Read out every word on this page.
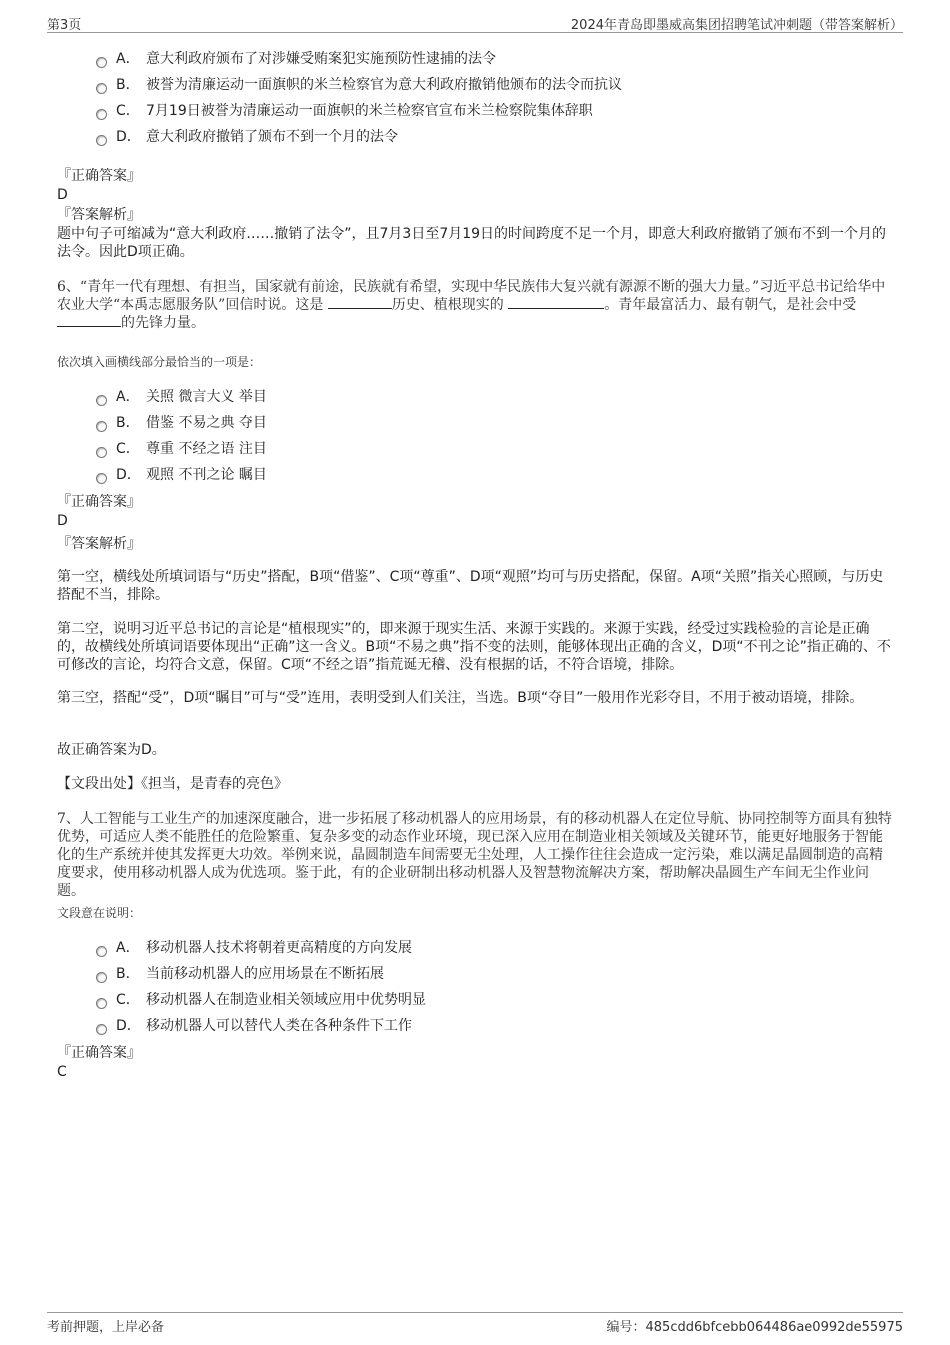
第3页	2024年青岛即墨威高集团招聘笔试冲刺题（带答案解析）
A． 意大利政府颁布了对涉嫌受贿案犯实施预防性逮捕的法令
B． 被誉为清廉运动一面旗帜的米兰检察官为意大利政府撤销他颁布的法令而抗议
C． 7月19日被誉为清廉运动一面旗帜的米兰检察官宣布米兰检察院集体辞职
D． 意大利政府撤销了颁布不到一个月的法令
『正确答案』
D
『答案解析』
题中句子可缩减为“意大利政府……撤销了法令”，且7月3日至7月19日的时间跨度不足一个月，即意大利政府撤销了颁布不到一个月的法令。因此D项正确。
6、“青年一代有理想、有担当，国家就有前途，民族就有希望，实现中华民族伟大复兴就有源源不断的强大力量。”习近平总书记给华中农业大学“本禹志愿服务队”回信时说。这是	历史、植根现实的	。青年最富活力、最有朝气，是社会中受 的先锋力量。
依次填入画横线部分最恰当的一项是：
A． 关照 微言大义 举目
B． 借鉴 不易之典 夺目
C． 尊重 不经之语 注目
D． 观照 不刊之论 瞩目
『正确答案』
D
『答案解析』
第一空，横线处所填词语与“历史”搭配，B项“借鉴”、C项“尊重”、D项“观照”均可与历史搭配，保留。A项“关照”指关心照顾，与历史搭配不当，排除。
第二空，说明习近平总书记的言论是“植根现实”的，即来源于现实生活、来源于实践的。来源于实践，经受过实践检验的言论是正确的，故横线处所填词语要体现出“正确”这一含义。B项“不易之典”指不变的法则，能够体现出正确的含义，D项“不刊之论”指正确的、不可修改的言论，均符合文意，保留。C项“不经之语”指荒诞无稽、没有根据的话，不符合语境，排除。
第三空，搭配“受”，D项“瞩目”可与“受”连用，表明受到人们关注，当选。B项“夺目”一般用作光彩夺目，不用于被动语境，排除。
故正确答案为D。
【文段出处】《担当，是青春的亮色》
7、人工智能与工业生产的加速深度融合，进一步拓展了移动机器人的应用场景，有的移动机器人在定位导航、协同控制等方面具有独特优势，可适应人类不能胜任的危险繁重、复杂多变的动态作业环境，现已深入应用在制造业相关领域及关键环节，能更好地服务于智能化的生产系统并使其发挥更大功效。举例来说，晶圆制造车间需要无尘处理，人工操作往往会造成一定污染，难以满足晶圆制造的高精度要求，使用移动机器人成为优选项。鉴于此，有的企业研制出移动机器人及智慧物流解决方案，帮助解决晶圆生产车间无尘作业问题。
文段意在说明：
A． 移动机器人技术将朝着更高精度的方向发展
B． 当前移动机器人的应用场景在不断拓展
C． 移动机器人在制造业相关领域应用中优势明显
D． 移动机器人可以替代人类在各种条件下工作
『正确答案』
C
考前押题，上岸必备	编号：485cdd6bfcebb064486ae0992de55975
